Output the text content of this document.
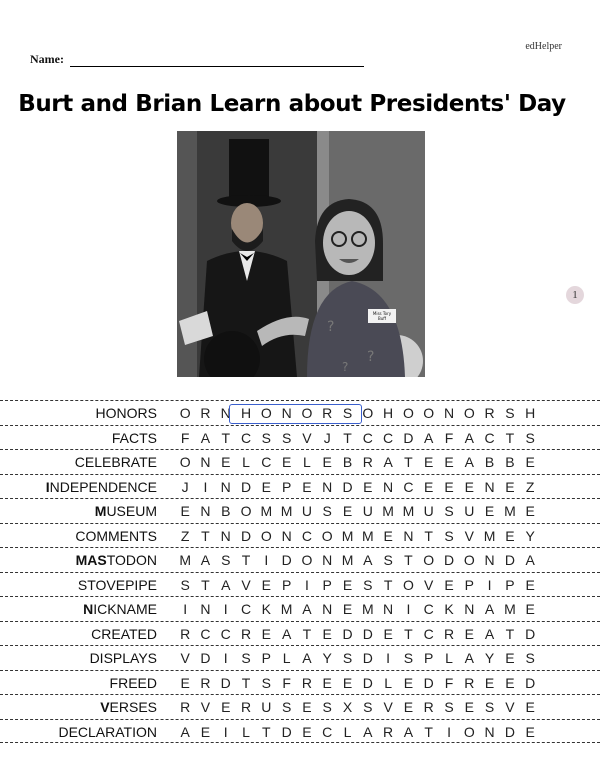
edHelper
Name:
Burt and Brian Learn about Presidents' Day
?
?
?
Miss Tory
Buff
1
HONORS	O R N H O N O R S O H O O N O R S H
FACTS	F A T C S S V J T C C D A F A C T S
CELEBRATE	O N E L C E L E B R A T E E A B B E
INDEPENDENCE	J	I N D E P E N D E N C E E E N E Z
MUSEUM	E N B O M M U S E U M M U S U E M E
COMMENTS	Z T N D O N C O M M E N T S V M E Y
MASTODON	M A S T	I D O N M A S T O D O N D A
STOVEPIPE	S T A V E P I P E S T O V E P I P E
NICKNAME	I N I C K M A N E M N I C K N A M E
CREATED	R C C R E A T E D D E T C R E A T D
DISPLAYS	V D I S P L A Y S D I S P L A Y E S
FREED	E R D T S F R E E D L E D F R E E D
VERSES	R V E R U S E S X S V E R S E S V E
DECLARATION	A E I	L T D E C L A R A T	I O N D E
